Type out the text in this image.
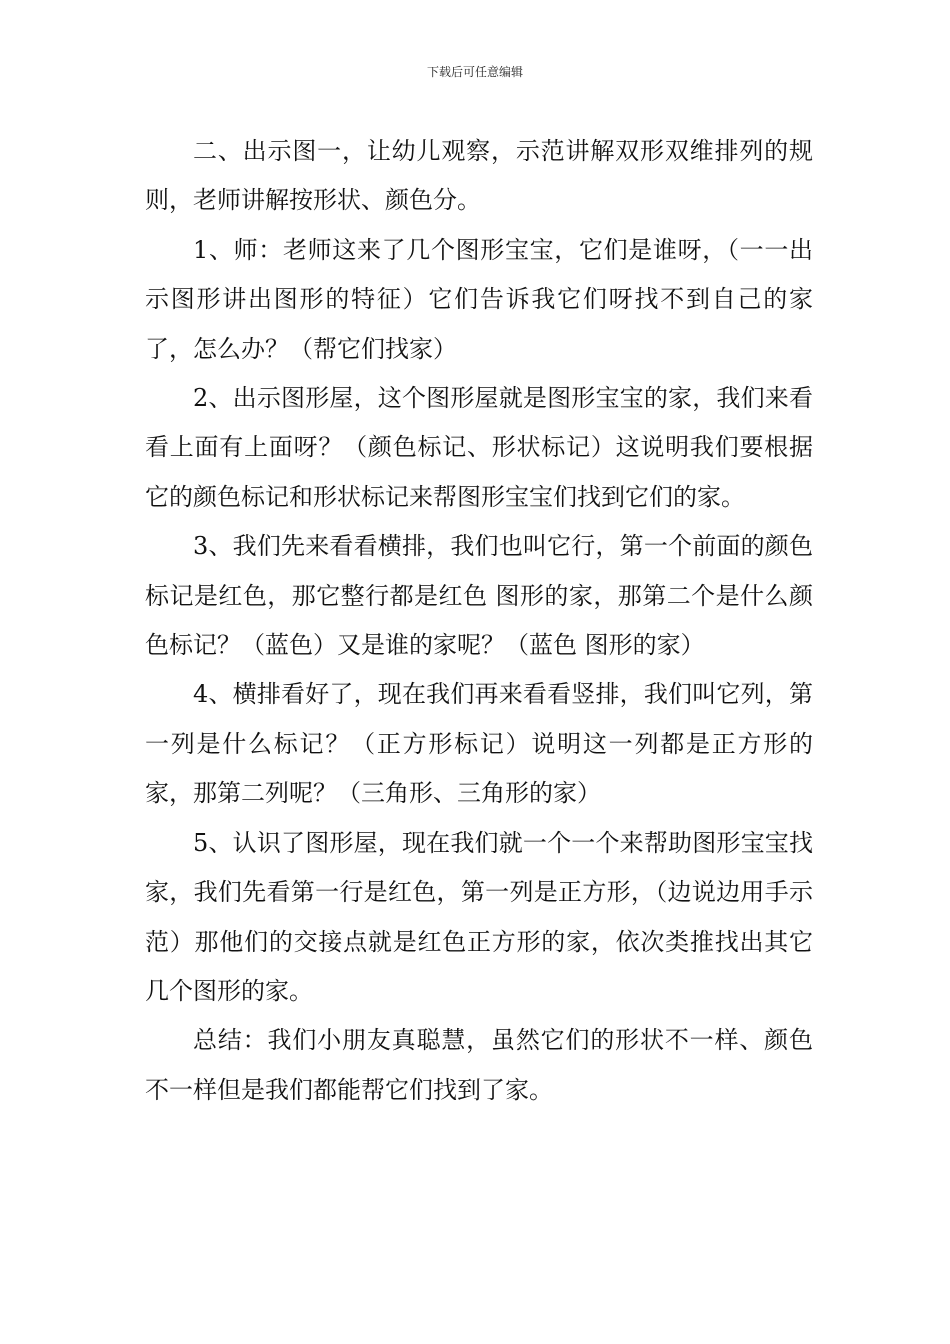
下载后可任意编辑

二、出示图一，让幼儿观察，示范讲解双形双维排列的规则，老师讲解按形状、颜色分。

1、师：老师这来了几个图形宝宝，它们是谁呀，（一一出示图形讲出图形的特征）它们告诉我它们呀找不到自己的家了，怎么办？（帮它们找家）

2、出示图形屋，这个图形屋就是图形宝宝的家，我们来看看上面有上面呀？（颜色标记、形状标记）这说明我们要根据它的颜色标记和形状标记来帮图形宝宝们找到它们的家。

3、我们先来看看横排，我们也叫它行，第一个前面的颜色标记是红色，那它整行都是红色 图形的家，那第二个是什么颜色标记？（蓝色）又是谁的家呢？（蓝色 图形的家）

4、横排看好了，现在我们再来看看竖排，我们叫它列，第一列是什么标记？（正方形标记）说明这一列都是正方形的家，那第二列呢？（三角形、三角形的家）

5、认识了图形屋，现在我们就一个一个来帮助图形宝宝找家，我们先看第一行是红色，第一列是正方形，（边说边用手示范）那他们的交接点就是红色正方形的家，依次类推找出其它几个图形的家。

总结：我们小朋友真聪慧，虽然它们的形状不一样、颜色不一样但是我们都能帮它们找到了家。
